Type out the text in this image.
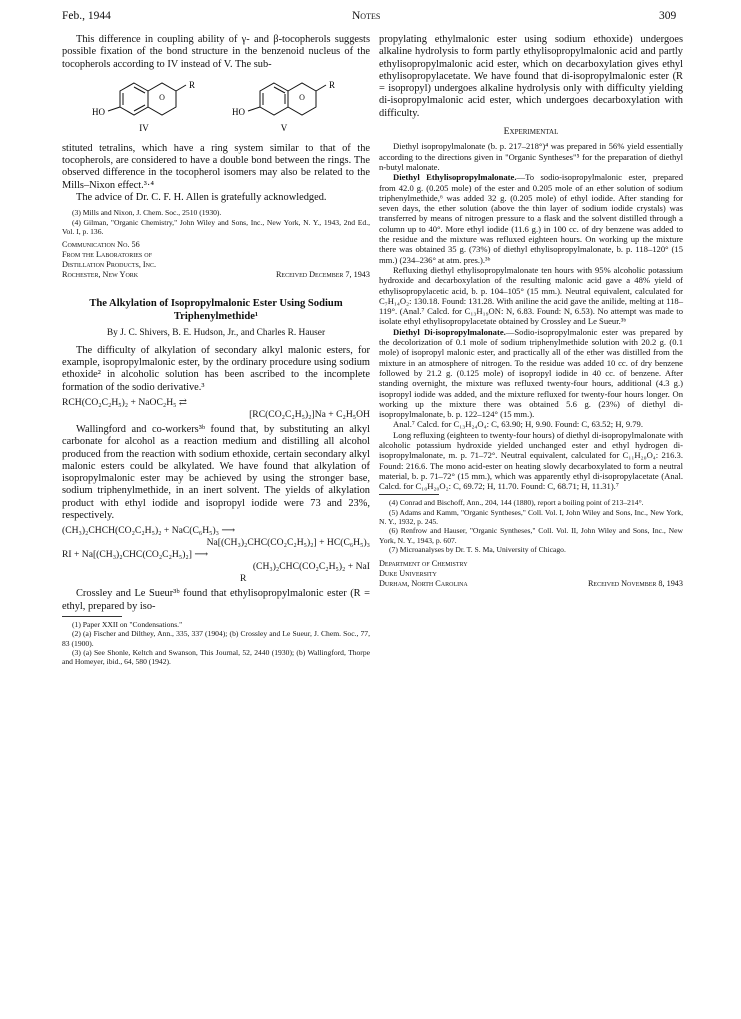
Feb., 1944	Notes	309

This difference in coupling ability of γ- and β-tocopherols suggests possible fixation of the bond structure in the benzenoid nucleus of the tocopherols according to IV instead of V. The sub-

O
R
HO
IV
O
R
HO
V

stituted tetralins, which have a ring system similar to that of the tocopherols, are considered to have a double bond between the rings. The observed difference in the tocopherol isomers may also be related to the Mills–Nixon effect.³·⁴

The advice of Dr. C. F. H. Allen is gratefully acknowledged.

(3) Mills and Nixon, J. Chem. Soc., 2510 (1930).

(4) Gilman, "Organic Chemistry," John Wiley and Sons, Inc., New York, N. Y., 1943, 2nd Ed., Vol. I, p. 136.

Communication No. 56

From the Laboratories of

Distillation Products, Inc.

Rochester, New York	Received December 7, 1943

The Alkylation of Isopropylmalonic Ester Using Sodium Triphenylmethide¹

By J. C. Shivers, B. E. Hudson, Jr., and Charles R. Hauser

The difficulty of alkylation of secondary alkyl malonic esters, for example, isopropylmalonic ester, by the ordinary procedure using sodium ethoxide² in alcoholic solution has been ascribed to the incomplete formation of the sodio derivative.³

RCH(CO₂C₂H₅)₂ + NaOC₂H₅ ⇄

[RC(CO₂C₂H₅)₂]Na + C₂H₅OH

Wallingford and co-workers³ᵇ found that, by substituting an alkyl carbonate for alcohol as a reaction medium and distilling all alcohol produced from the reaction with sodium ethoxide, certain secondary alkyl malonic esters could be alkylated. We have found that alkylation of isopropylmalonic ester may be achieved by using the stronger base, sodium triphenylmethide, in an inert solvent. The yields of alkylation product with ethyl iodide and isopropyl iodide were 73 and 23%, respectively.

(CH₃)₂CHCH(CO₂C₂H₅)₂ + NaC(C₆H₅)₃ ⟶

Na[(CH₃)₂CHC(CO₂C₂H₅)₂] + HC(C₆H₅)₃

RI + Na[(CH₃)₂CHC(CO₂C₂H₅)₂] ⟶

(CH₃)₂CHC(CO₂C₂H₅)₂ + NaI

R

Crossley and Le Sueur³ᵇ found that ethylisopropylmalonic ester (R = ethyl, prepared by iso-

(1) Paper XXII on "Condensations."

(2) (a) Fischer and Dilthey, Ann., 335, 337 (1904); (b) Crossley and Le Sueur, J. Chem. Soc., 77, 83 (1900).

(3) (a) See Shonle, Keltch and Swanson, This Journal, 52, 2440 (1930); (b) Wallingford, Thorpe and Homeyer, ibid., 64, 580 (1942).

propylating ethylmalonic ester using sodium ethoxide) undergoes alkaline hydrolysis to form partly ethylisopropylmalonic acid and partly ethylisopropylmalonic acid ester, which on decarboxylation gives ethyl ethylisopropylacetate. We have found that di-isopropylmalonic ester (R = isopropyl) undergoes alkaline hydrolysis only with difficulty yielding di-isopropylmalonic acid ester, which undergoes decarboxylation with difficulty.

Experimental

Diethyl isopropylmalonate (b. p. 217–218°)⁴ was prepared in 56% yield essentially according to the directions given in "Organic Syntheses"⁵ for the preparation of diethyl n-butyl malonate.

Diethyl Ethylisopropylmalonate.—To sodio-isopropylmalonic ester, prepared from 42.0 g. (0.205 mole) of the ester and 0.205 mole of an ether solution of sodium triphenylmethide,⁶ was added 32 g. (0.205 mole) of ethyl iodide. After standing for seven days, the ether solution (above the thin layer of sodium iodide crystals) was transferred by means of nitrogen pressure to a flask and the solvent distilled through a column up to 40°. More ethyl iodide (11.6 g.) in 100 cc. of dry benzene was added to the residue and the mixture was refluxed eighteen hours. On working up the mixture there was obtained 35 g. (73%) of diethyl ethylisopropylmalonate, b. p. 118–120° (15 mm.) (234–236° at atm. pres.).³ᵇ

Refluxing diethyl ethylisopropylmalonate ten hours with 95% alcoholic potassium hydroxide and decarboxylation of the resulting malonic acid gave a 48% yield of ethylisopropylacetic acid, b. p. 104–105° (15 mm.). Neutral equivalent, calculated for C₇H₁₄O₂: 130.18. Found: 131.28. With aniline the acid gave the anilide, melting at 118–119°. (Anal.⁷ Calcd. for C₁₃H₁₉ON: N, 6.83. Found: N, 6.53). No attempt was made to isolate ethyl ethylisopropylacetate obtained by Crossley and Le Sueur.³ᵇ

Diethyl Di-isopropylmalonate.—Sodio-isopropylmalonic ester was prepared by the decolorization of 0.1 mole of sodium triphenylmethide solution with 20.2 g. (0.1 mole) of isopropyl malonic ester, and practically all of the ether was distilled from the mixture in an atmosphere of nitrogen. To the residue was added 10 cc. of dry benzene followed by 21.2 g. (0.125 mole) of isopropyl iodide in 40 cc. of benzene. After standing overnight, the mixture was refluxed twenty-four hours, additional (4.3 g.) isopropyl iodide was added, and the mixture refluxed for twenty-four hours longer. On working up the mixture there was obtained 5.6 g. (23%) of diethyl di-isopropylmalonate, b. p. 122–124° (15 mm.).

Anal.⁷ Calcd. for C₁₃H₂₄O₄: C, 63.90; H, 9.90. Found: C, 63.52; H, 9.79.

Long refluxing (eighteen to twenty-four hours) of diethyl di-isopropylmalonate with alcoholic potassium hydroxide yielded unchanged ester and ethyl hydrogen di-isopropylmalonate, m. p. 71–72°. Neutral equivalent, calculated for C₁₁H₂₀O₄: 216.3. Found: 216.6. The mono acid-ester on heating slowly decarboxylated to form a neutral material, b. p. 71–72° (15 mm.), which was apparently ethyl di-isopropylacetate (Anal. Calcd. for C₁₀H₂₀O₂: C, 69.72; H, 11.70. Found: C, 68.71; H, 11.31).⁷

(4) Conrad and Bischoff, Ann., 204, 144 (1880), report a boiling point of 213–214°.

(5) Adams and Kamm, "Organic Syntheses," Coll. Vol. I, John Wiley and Sons, Inc., New York, N. Y., 1932, p. 245.

(6) Renfrow and Hauser, "Organic Syntheses," Coll. Vol. II, John Wiley and Sons, Inc., New York, N. Y., 1943, p. 607.

(7) Microanalyses by Dr. T. S. Ma, University of Chicago.

Department of Chemistry

Duke University

Durham, North Carolina	Received November 8, 1943
